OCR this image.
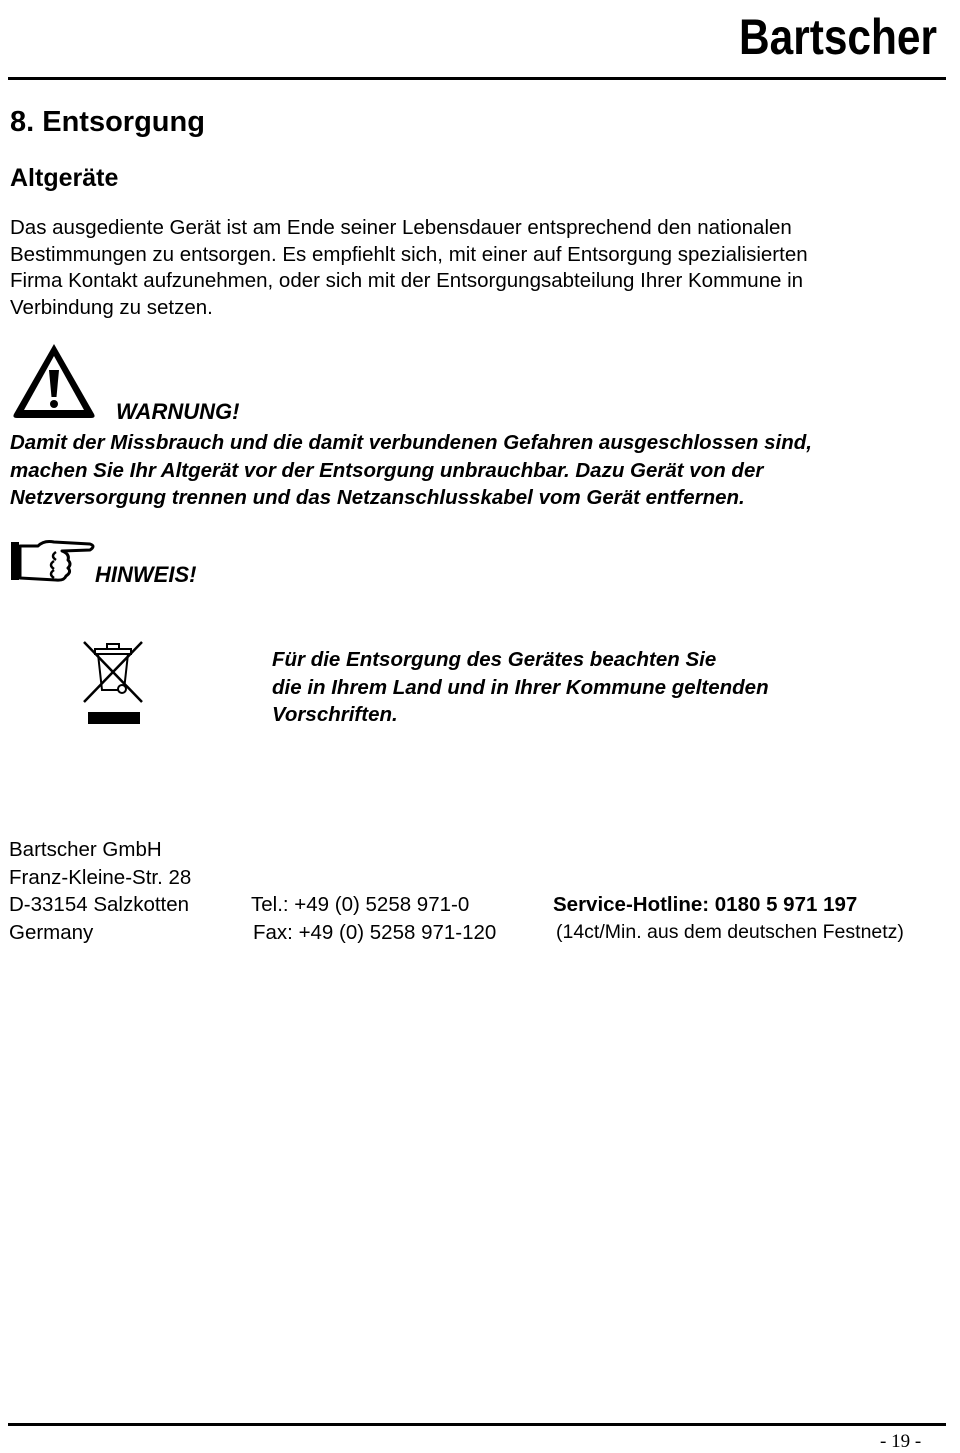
Bartscher
8. Entsorgung
Altgeräte
Das ausgediente Gerät ist am Ende seiner Lebensdauer entsprechend den nationalen
Bestimmungen zu entsorgen. Es empfiehlt sich, mit einer auf Entsorgung spezialisierten
Firma Kontakt aufzunehmen, oder sich mit der Entsorgungsabteilung Ihrer Kommune in
Verbindung zu setzen.
WARNUNG!
Damit der Missbrauch und die damit verbundenen Gefahren ausgeschlossen sind,
machen Sie Ihr Altgerät vor der Entsorgung unbrauchbar. Dazu Gerät von der
Netzversorgung trennen und das Netzanschlusskabel vom Gerät entfernen.
HINWEIS!
Für die Entsorgung des Gerätes beachten Sie
die in Ihrem Land und in Ihrer Kommune geltenden
Vorschriften.
Bartscher GmbH
Franz-Kleine-Str. 28
D-33154 Salzkotten
Germany
Tel.: +49 (0) 5258 971-0
Fax: +49 (0) 5258 971-120
Service-Hotline: 0180 5 971 197
(14ct/Min. aus dem deutschen Festnetz)
- 19 -
